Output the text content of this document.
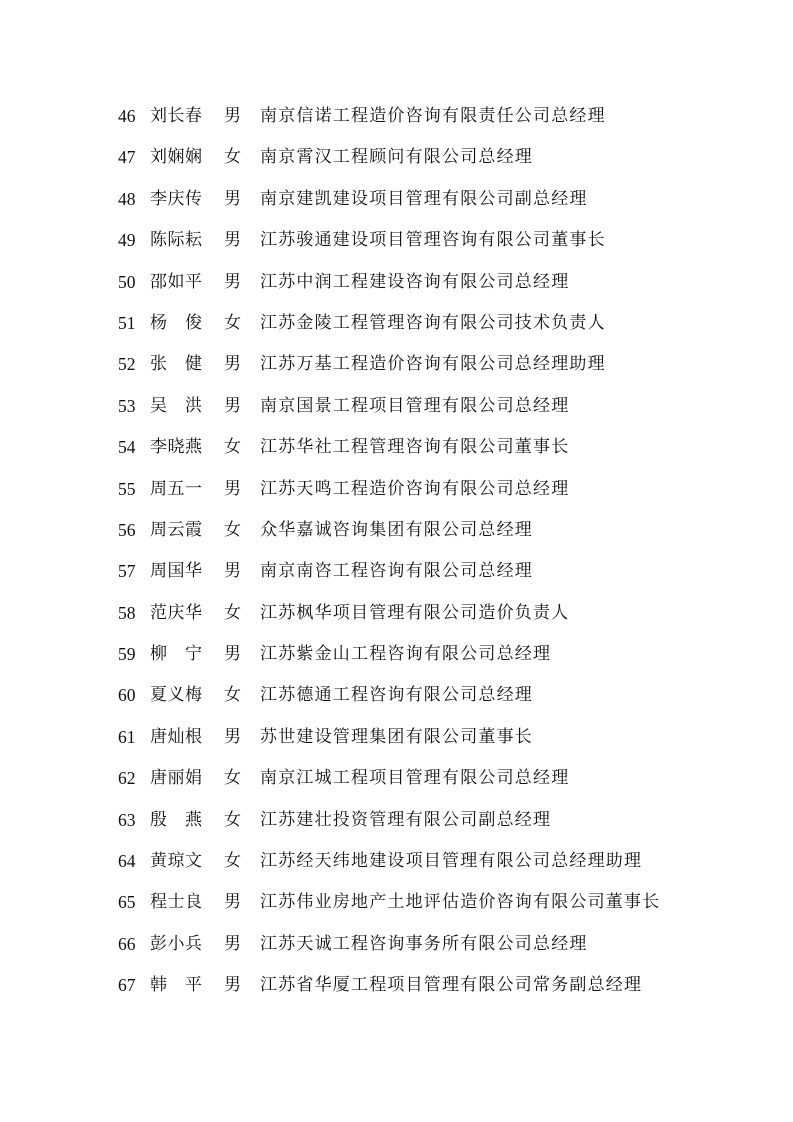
46 刘长春	男 南京信诺工程造价咨询有限责任公司总经理
47 刘娴娴	女 南京霄汉工程顾问有限公司总经理
48 李庆传	男 南京建凯建设项目管理有限公司副总经理
49 陈际耘	男 江苏骏通建设项目管理咨询有限公司董事长
50 邵如平	男 江苏中润工程建设咨询有限公司总经理
51 杨　俊	女 江苏金陵工程管理咨询有限公司技术负责人
52 张　健	男 江苏万基工程造价咨询有限公司总经理助理
53 吴　洪	男 南京国景工程项目管理有限公司总经理
54 李晓燕	女 江苏华社工程管理咨询有限公司董事长
55 周五一	男 江苏天鸣工程造价咨询有限公司总经理
56 周云霞	女 众华嘉诚咨询集团有限公司总经理
57 周国华	男 南京南咨工程咨询有限公司总经理
58 范庆华	女 江苏枫华项目管理有限公司造价负责人
59 柳　宁	男 江苏紫金山工程咨询有限公司总经理
60 夏义梅	女 江苏德通工程咨询有限公司总经理
61 唐灿根	男 苏世建设管理集团有限公司董事长
62 唐丽娟	女 南京江城工程项目管理有限公司总经理
63 殷　燕	女 江苏建壮投资管理有限公司副总经理
64 黄琼文	女 江苏经天纬地建设项目管理有限公司总经理助理
65 程士良	男 江苏伟业房地产土地评估造价咨询有限公司董事长
66 彭小兵	男 江苏天诚工程咨询事务所有限公司总经理
67 韩　平	男 江苏省华厦工程项目管理有限公司常务副总经理
